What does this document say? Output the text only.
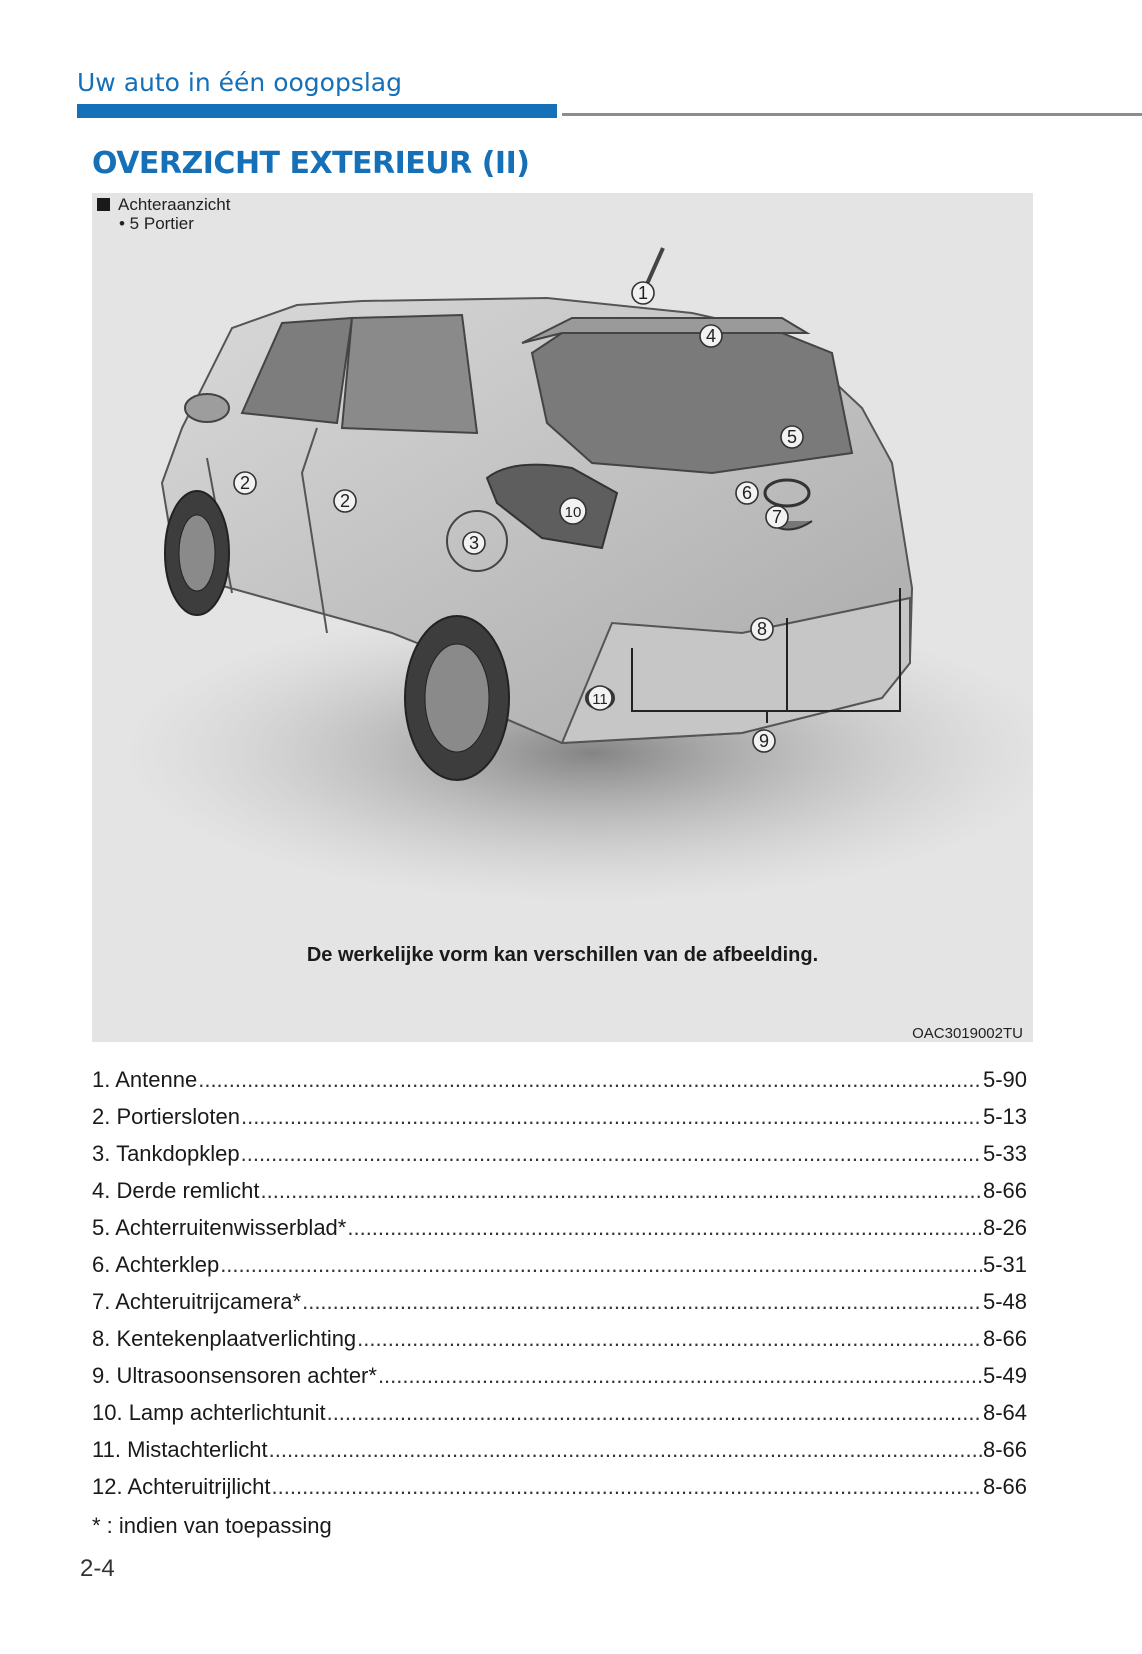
Uw auto in één oogopslag
OVERZICHT EXTERIEUR (II)
Achteraanzicht
• 5 Portier
1
2
2
3
4
5
6
7
8
9
10
11
De werkelijke vorm kan verschillen van de afbeelding.
OAC3019002TU
1. Antenne .....	5-90
2. Portiersloten .....	5-13
3. Tankdopklep .....	5-33
4. Derde remlicht .....	8-66
5. Achterruitenwisserblad* .....	8-26
6. Achterklep .....	5-31
7. Achteruitrijcamera* .....	5-48
8. Kentekenplaatverlichting .....	8-66
9. Ultrasoonsensoren achter* .....	5-49
10. Lamp achterlichtunit .....	8-64
11. Mistachterlicht .....	8-66
12. Achteruitrijlicht .....	8-66
* : indien van toepassing
2-4
